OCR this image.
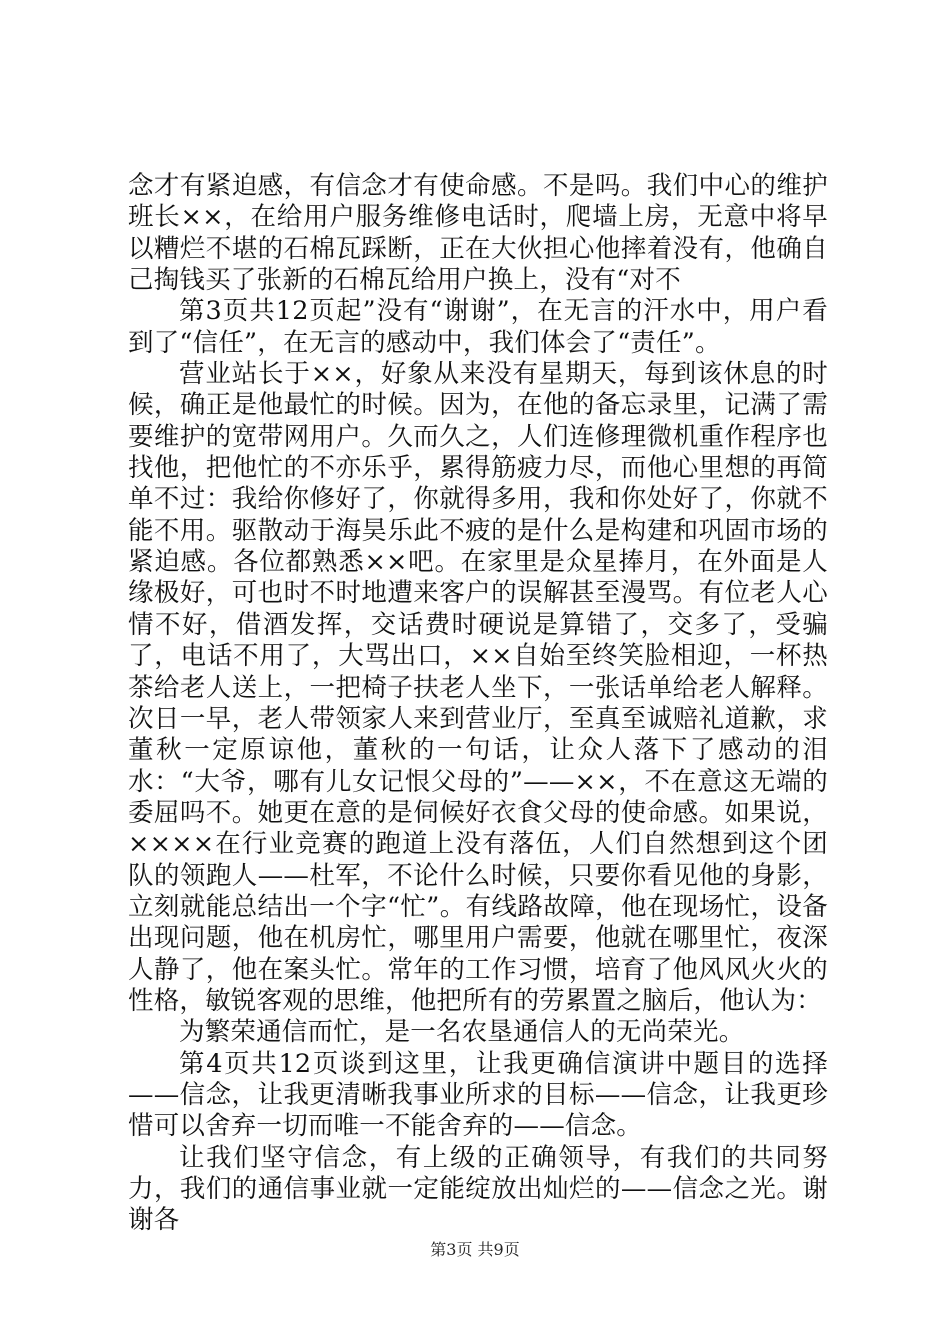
念才有紧迫感，有信念才有使命感。不是吗。我们中心的维护班长××，在给用户服务维修电话时，爬墙上房，无意中将早以糟烂不堪的石棉瓦踩断，正在大伙担心他摔着没有，他确自己掏钱买了张新的石棉瓦给用户换上，没有“对不

第3页共12页起”没有“谢谢”，在无言的汗水中，用户看到了“信任”，在无言的感动中，我们体会了“责任”。

营业站长于××，好象从来没有星期天，每到该休息的时候，确正是他最忙的时候。因为，在他的备忘录里，记满了需要维护的宽带网用户。久而久之，人们连修理微机重作程序也找他，把他忙的不亦乐乎，累得筋疲力尽，而他心里想的再简单不过：我给你修好了，你就得多用，我和你处好了，你就不能不用。驱散动于海昊乐此不疲的是什么是构建和巩固市场的紧迫感。各位都熟悉××吧。在家里是众星捧月，在外面是人缘极好，可也时不时地遭来客户的误解甚至漫骂。有位老人心情不好，借酒发挥，交话费时硬说是算错了，交多了，受骗了，电话不用了，大骂出口，××自始至终笑脸相迎，一杯热茶给老人送上，一把椅子扶老人坐下，一张话单给老人解释。次日一早，老人带领家人来到营业厅，至真至诚赔礼道歉，求董秋一定原谅他，董秋的一句话，让众人落下了感动的泪水：“大爷，哪有儿女记恨父母的”——××，不在意这无端的委屈吗不。她更在意的是伺候好衣食父母的使命感。如果说，××××在行业竞赛的跑道上没有落伍，人们自然想到这个团队的领跑人——杜军，不论什么时候，只要你看见他的身影，立刻就能总结出一个字“忙”。有线路故障，他在现场忙，设备出现问题，他在机房忙，哪里用户需要，他就在哪里忙，夜深人静了，他在案头忙。常年的工作习惯，培育了他风风火火的性格，敏锐客观的思维，他把所有的劳累置之脑后，他认为：

为繁荣通信而忙，是一名农垦通信人的无尚荣光。

第4页共12页谈到这里，让我更确信演讲中题目的选择——信念，让我更清晰我事业所求的目标——信念，让我更珍惜可以舍弃一切而唯一不能舍弃的——信念。

让我们坚守信念，有上级的正确领导，有我们的共同努力，我们的通信事业就一定能绽放出灿烂的——信念之光。谢谢各

第3页 共9页
